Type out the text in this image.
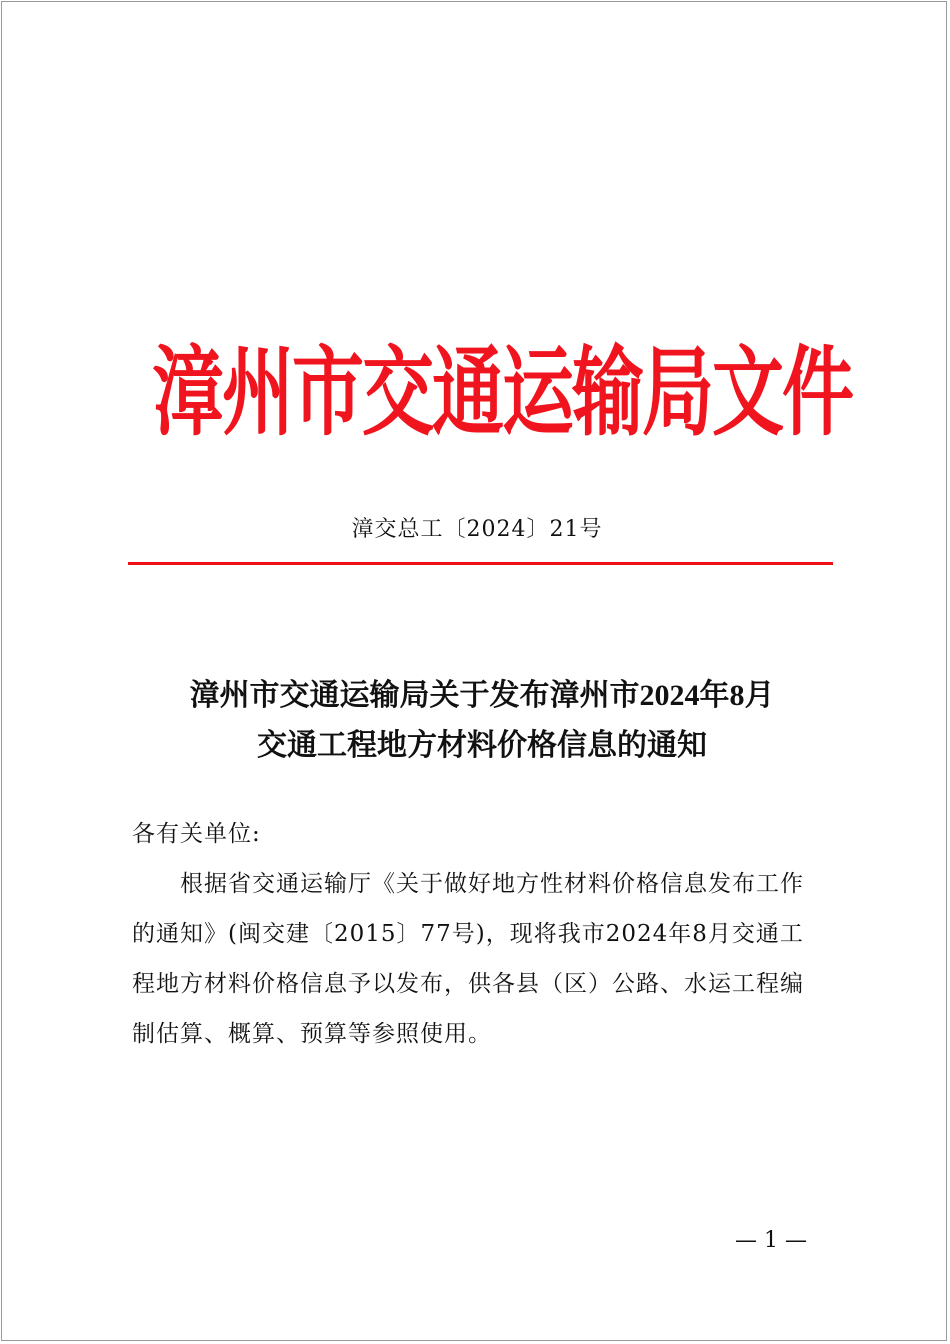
漳州市交通运输局文件
漳交总工〔2024〕21号
漳州市交通运输局关于发布漳州市2024年8月
交通工程地方材料价格信息的通知
各有关单位:
　　根据省交通运输厅《关于做好地方性材料价格信息发布工作
的通知》(闽交建〔2015〕77号)，现将我市2024年8月交通工
程地方材料价格信息予以发布，供各县（区）公路、水运工程编
制估算、概算、预算等参照使用。
— 1 —
